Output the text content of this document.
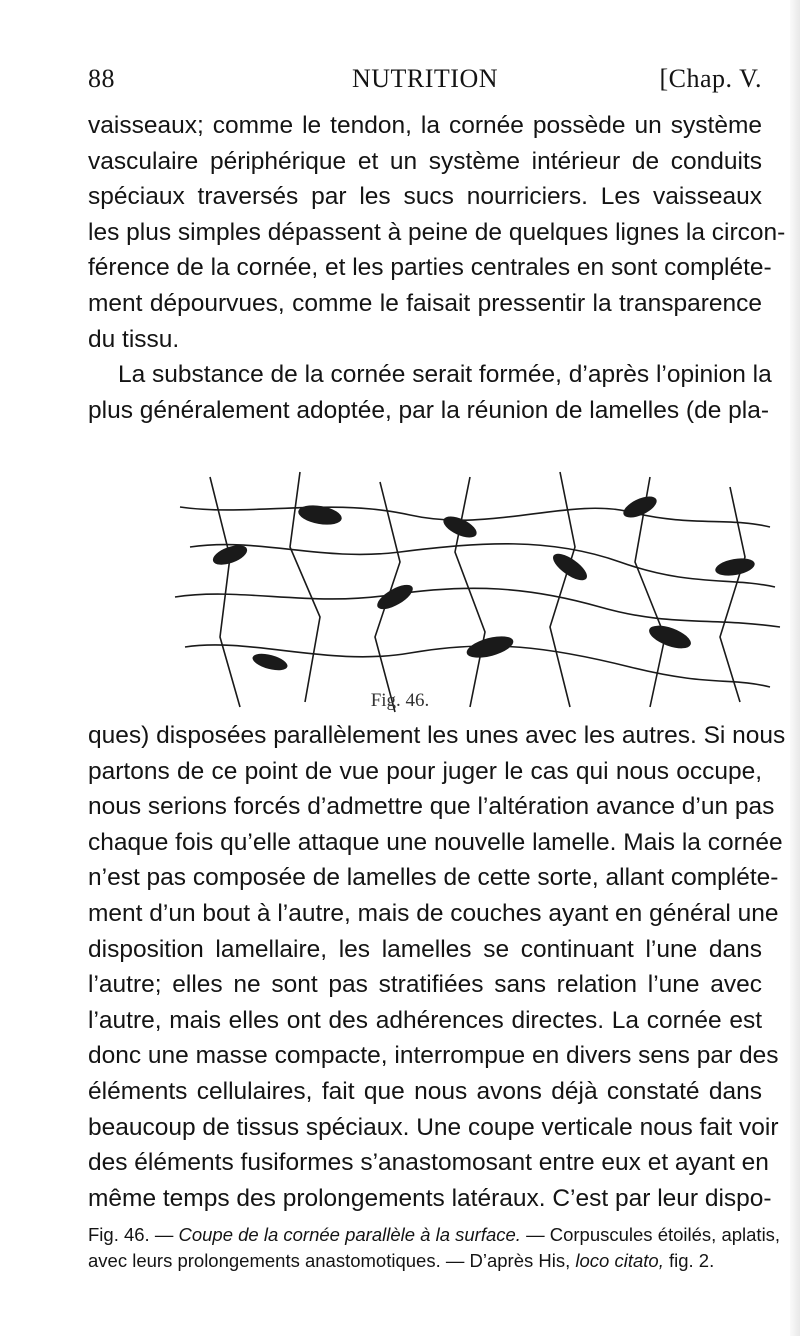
88	NUTRITION	[Chap. V.
vaisseaux; comme le tendon, la cornée possède un système
vasculaire périphérique et un système intérieur de conduits
spéciaux traversés par les sucs nourriciers. Les vaisseaux
les plus simples dépassent à peine de quelques lignes la circon-
férence de la cornée, et les parties centrales en sont compléte-
ment dépourvues, comme le faisait pressentir la transparence
du tissu.
La substance de la cornée serait formée, d’après l’opinion la
plus généralement adoptée, par la réunion de lamelles (de pla-
Fig. 46.
ques) disposées parallèlement les unes avec les autres. Si nous
partons de ce point de vue pour juger le cas qui nous occupe,
nous serions forcés d’admettre que l’altération avance d’un pas
chaque fois qu’elle attaque une nouvelle lamelle. Mais la cornée
n’est pas composée de lamelles de cette sorte, allant compléte-
ment d’un bout à l’autre, mais de couches ayant en général une
disposition lamellaire, les lamelles se continuant l’une dans
l’autre; elles ne sont pas stratifiées sans relation l’une avec
l’autre, mais elles ont des adhérences directes. La cornée est
donc une masse compacte, interrompue en divers sens par des
éléments cellulaires, fait que nous avons déjà constaté dans
beaucoup de tissus spéciaux. Une coupe verticale nous fait voir
des éléments fusiformes s’anastomosant entre eux et ayant en
même temps des prolongements latéraux. C’est par leur dispo-
Fig. 46. — Coupe de la cornée parallèle à la surface. — Corpuscules étoilés, aplatis,
avec leurs prolongements anastomotiques. — D’après His, loco citato, fig. 2.
